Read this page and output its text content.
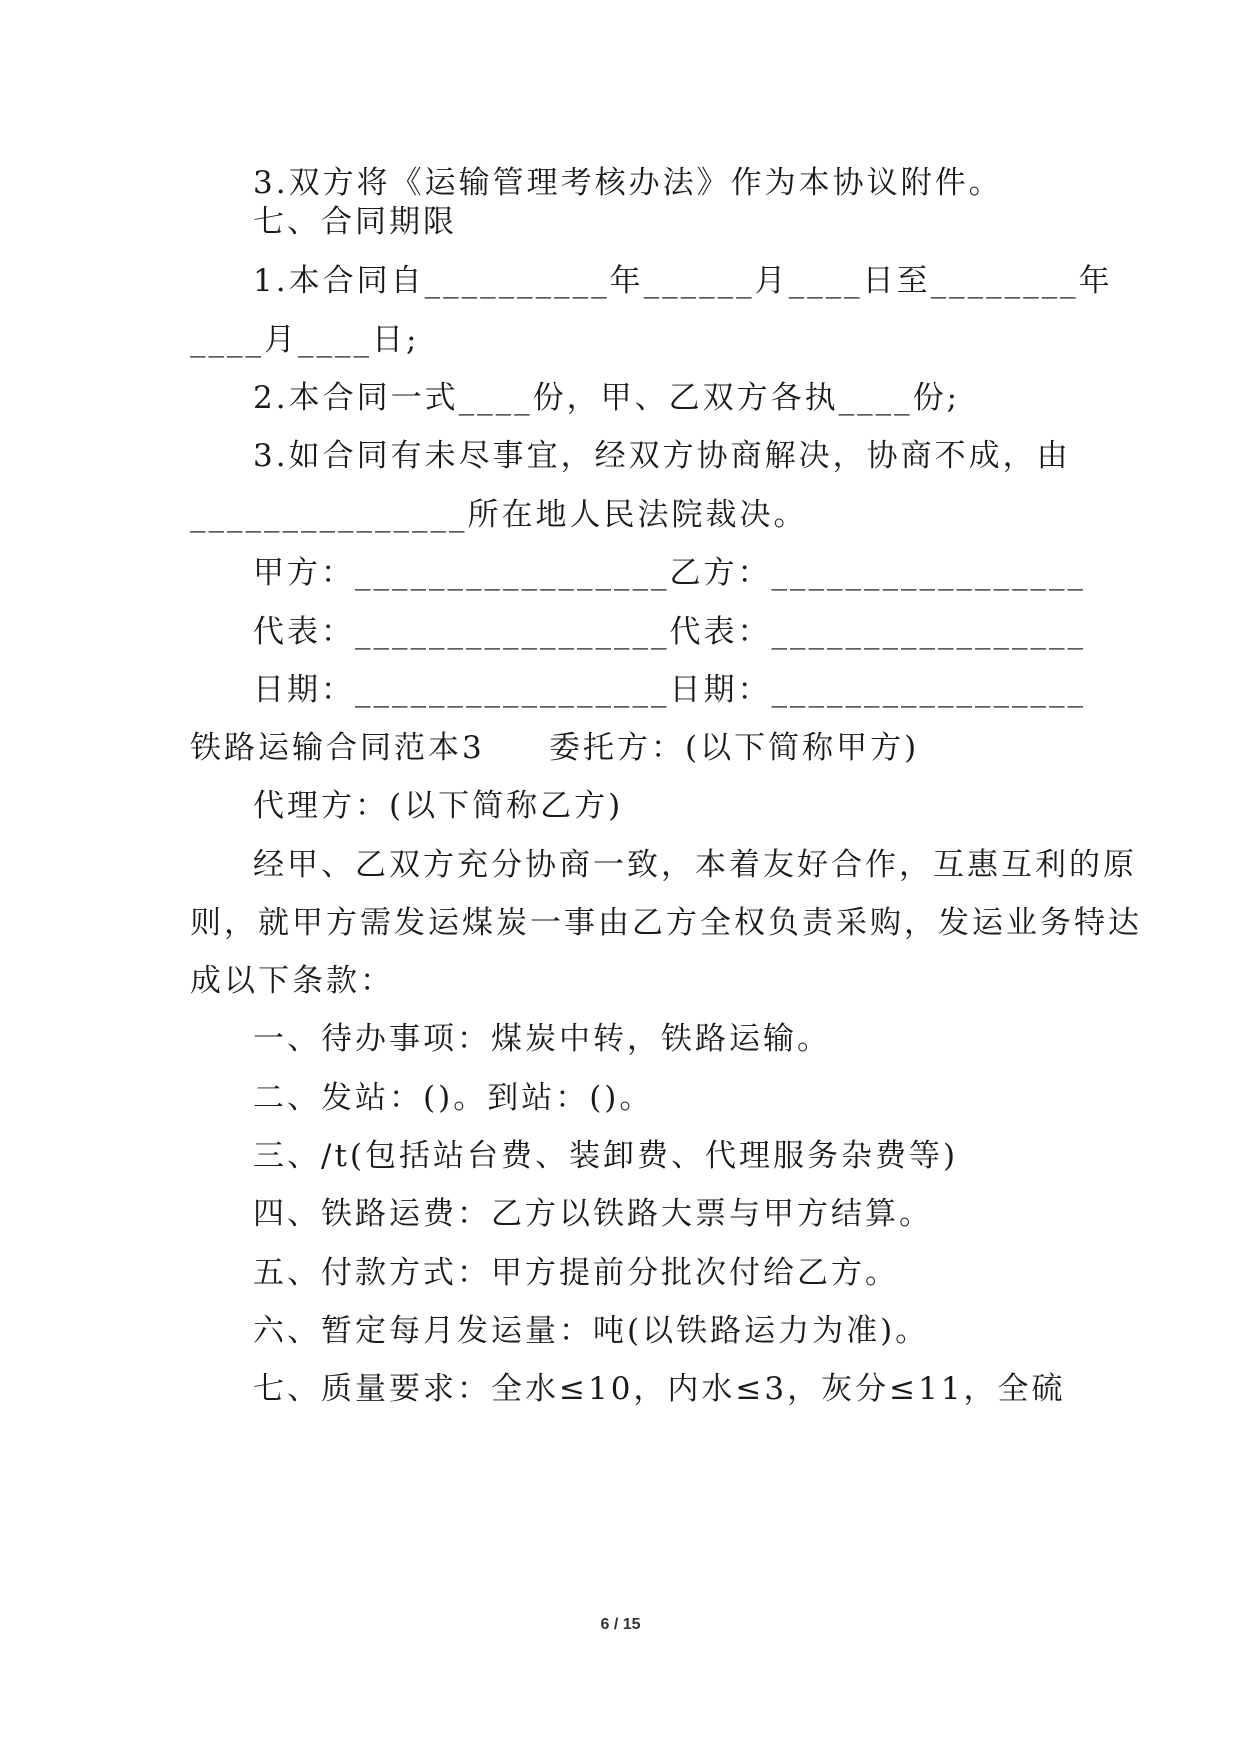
3.双方将《运输管理考核办法》作为本协议附件。
七、合同期限
1.本合同自__________年______月____日至________年
____月____日;
2.本合同一式____份，甲、乙双方各执____份;
3.如合同有未尽事宜，经双方协商解决，协商不成，由
_______________所在地人民法院裁决。
甲方：_________________乙方：_________________
代表：_________________代表：_________________
日期：_________________日期：_________________
铁路运输合同范本3     委托方：(以下简称甲方)
代理方：(以下简称乙方)
经甲、乙双方充分协商一致，本着友好合作，互惠互利的原
则，就甲方需发运煤炭一事由乙方全权负责采购，发运业务特达
成以下条款：
一、待办事项：煤炭中转，铁路运输。
二、发站：()。到站：()。
三、/t(包括站台费、装卸费、代理服务杂费等)
四、铁路运费：乙方以铁路大票与甲方结算。
五、付款方式：甲方提前分批次付给乙方。
六、暂定每月发运量：吨(以铁路运力为准)。
七、质量要求：全水≤10，内水≤3，灰分≤11，全硫
6 / 15
